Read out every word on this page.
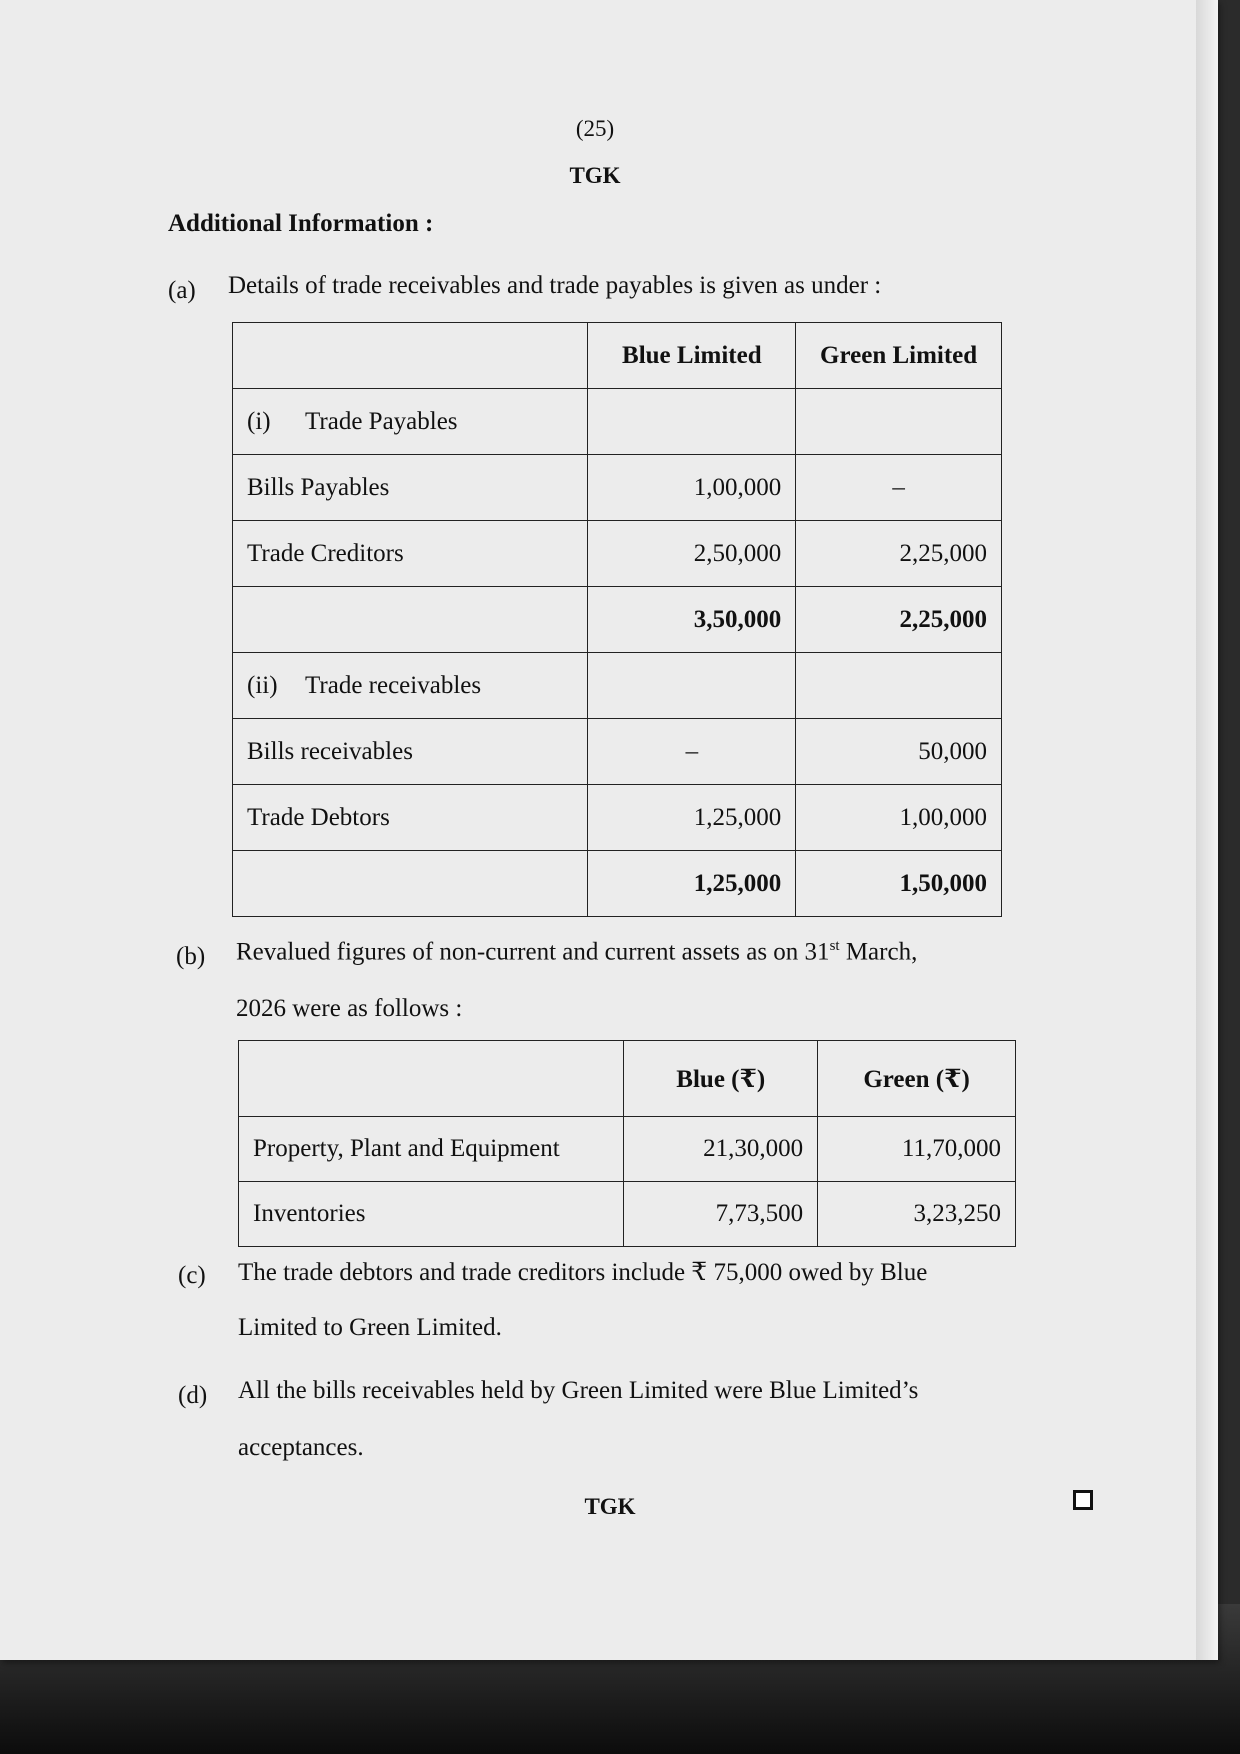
(25)
TGK
Additional Information :
(a) Details of trade receivables and trade payables is given as under :
	Blue Limited	Green Limited
(i) Trade Payables		
Bills Payables	1,00,000	–
Trade Creditors	2,50,000	2,25,000
	3,50,000	2,25,000
(ii) Trade receivables		
Bills receivables	–	50,000
Trade Debtors	1,25,000	1,00,000
	1,25,000	1,50,000
(b) Revalued figures of non-current and current assets as on 31st March,
2026 were as follows :
	Blue (₹)	Green (₹)
Property, Plant and Equipment	21,30,000	11,70,000
Inventories	7,73,500	3,23,250
(c) The trade debtors and trade creditors include ₹ 75,000 owed by Blue
Limited to Green Limited.
(d) All the bills receivables held by Green Limited were Blue Limited’s
acceptances.
TGK
